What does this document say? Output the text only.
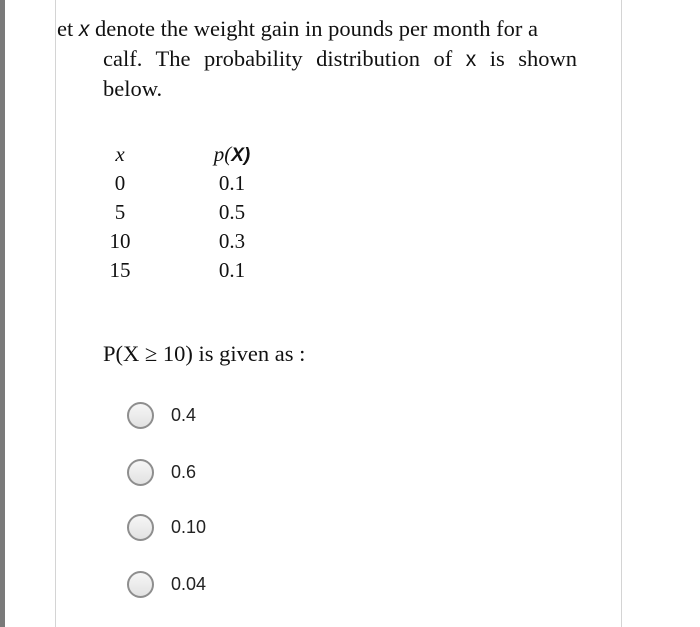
et x denote the weight gain in pounds per month for a
calf. The probability distribution of x is shown
below.
x		p(X)
0		0.1
5		0.5
10		0.3
15		0.1
P(X ≥ 10) is given as :
0.4
0.6
0.10
0.04
